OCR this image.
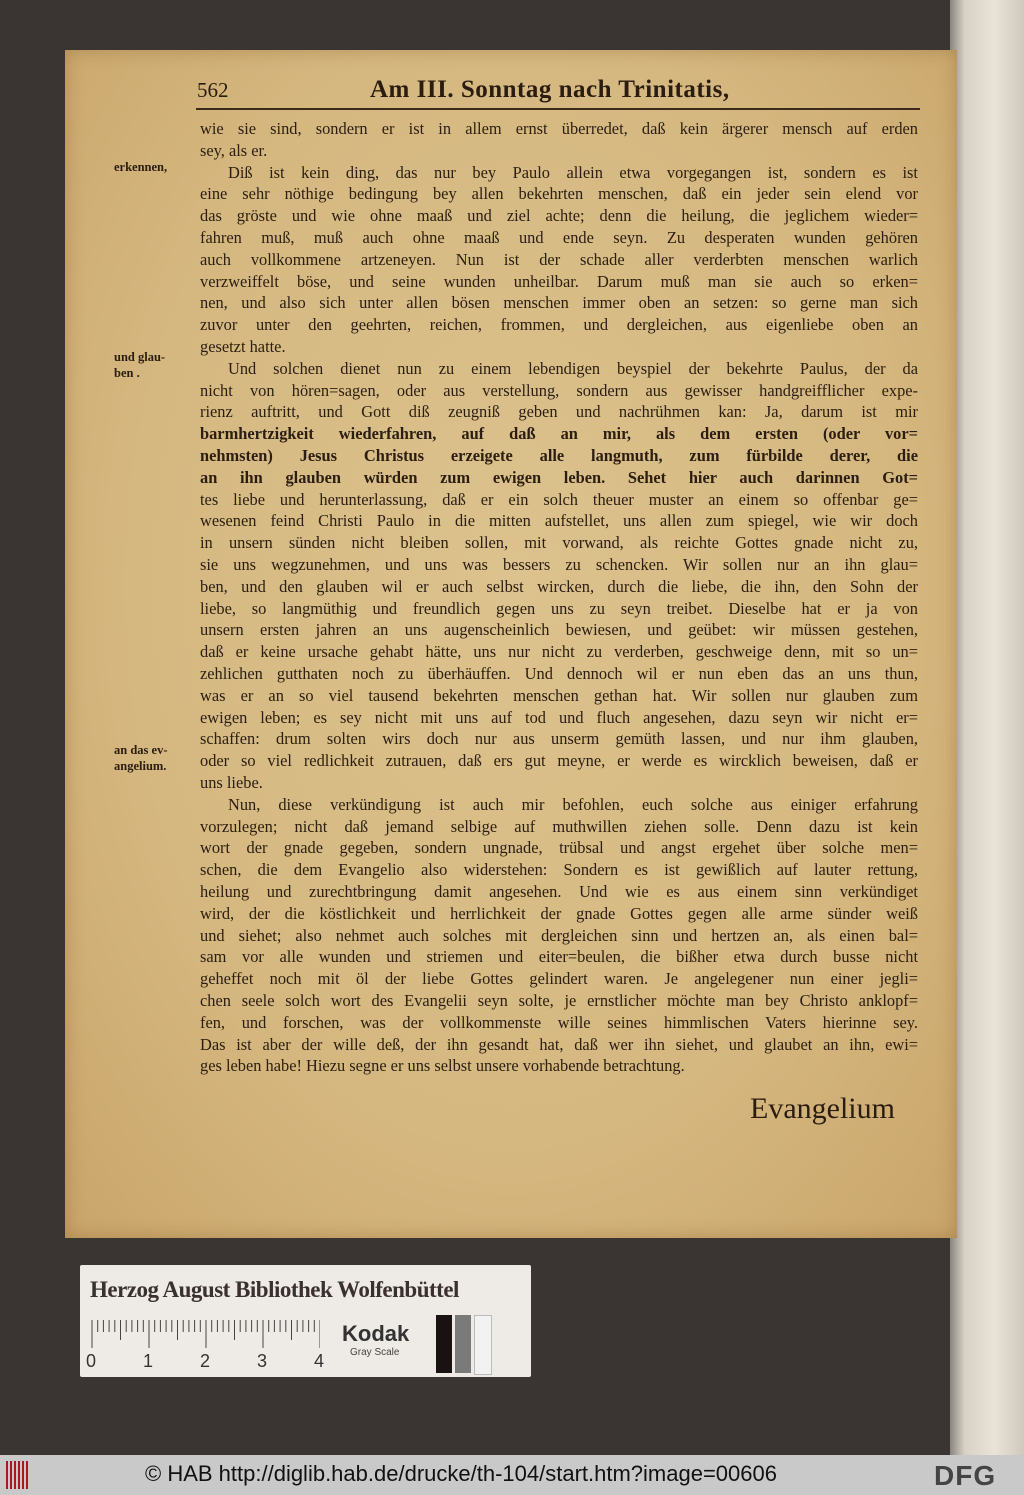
562	Am III. Sonntag nach Trinitatis,
wie sie sind, sondern er ist in allem ernst überredet, daß kein ärgerer mensch auf erden
sey, als er.
Diß ist kein ding, das nur bey Paulo allein etwa vorgegangen ist, sondern es ist
eine sehr nöthige bedingung bey allen bekehrten menschen, daß ein jeder sein elend vor
das gröste und wie ohne maaß und ziel achte; denn die heilung, die jeglichem wieder=
fahren muß, muß auch ohne maaß und ende seyn. Zu desperaten wunden gehören
auch vollkommene artzeneyen. Nun ist der schade aller verderbten menschen warlich
verzweiffelt böse, und seine wunden unheilbar. Darum muß man sie auch so erken=
nen, und also sich unter allen bösen menschen immer oben an setzen: so gerne man sich
zuvor unter den geehrten, reichen, frommen, und dergleichen, aus eigenliebe oben an
gesetzt hatte.
Und solchen dienet nun zu einem lebendigen beyspiel der bekehrte Paulus, der da
nicht von hören=sagen, oder aus verstellung, sondern aus gewisser handgreifflicher expe-
rienz auftritt, und Gott diß zeugniß geben und nachrühmen kan: Ja, darum ist mir
barmhertzigkeit wiederfahren, auf daß an mir, als dem ersten (oder vor=
nehmsten) Jesus Christus erzeigete alle langmuth, zum fürbilde derer, die
an ihn glauben würden zum ewigen leben. Sehet hier auch darinnen Got=
tes liebe und herunterlassung, daß er ein solch theuer muster an einem so offenbar ge=
wesenen feind Christi Paulo in die mitten aufstellet, uns allen zum spiegel, wie wir doch
in unsern sünden nicht bleiben sollen, mit vorwand, als reichte Gottes gnade nicht zu,
sie uns wegzunehmen, und uns was bessers zu schencken. Wir sollen nur an ihn glau=
ben, und den glauben wil er auch selbst wircken, durch die liebe, die ihn, den Sohn der
liebe, so langmüthig und freundlich gegen uns zu seyn treibet. Dieselbe hat er ja von
unsern ersten jahren an uns augenscheinlich bewiesen, und geübet: wir müssen gestehen,
daß er keine ursache gehabt hätte, uns nur nicht zu verderben, geschweige denn, mit so un=
zehlichen gutthaten noch zu überhäuffen. Und dennoch wil er nun eben das an uns thun,
was er an so viel tausend bekehrten menschen gethan hat. Wir sollen nur glauben zum
ewigen leben; es sey nicht mit uns auf tod und fluch angesehen, dazu seyn wir nicht er=
schaffen: drum solten wirs doch nur aus unserm gemüth lassen, und nur ihm glauben,
oder so viel redlichkeit zutrauen, daß ers gut meyne, er werde es wircklich beweisen, daß er
uns liebe.
Nun, diese verkündigung ist auch mir befohlen, euch solche aus einiger erfahrung
vorzulegen; nicht daß jemand selbige auf muthwillen ziehen solle. Denn dazu ist kein
wort der gnade gegeben, sondern ungnade, trübsal und angst ergehet über solche men=
schen, die dem Evangelio also widerstehen: Sondern es ist gewißlich auf lauter rettung,
heilung und zurechtbringung damit angesehen. Und wie es aus einem sinn verkündiget
wird, der die köstlichkeit und herrlichkeit der gnade Gottes gegen alle arme sünder weiß
und siehet; also nehmet auch solches mit dergleichen sinn und hertzen an, als einen bal=
sam vor alle wunden und striemen und eiter=beulen, die bißher etwa durch busse nicht
geheffet noch mit öl der liebe Gottes gelindert waren. Je angelegener nun einer jegli=
chen seele solch wort des Evangelii seyn solte, je ernstlicher möchte man bey Christo anklopf=
fen, und forschen, was der vollkommenste wille seines himmlischen Vaters hierinne sey.
Das ist aber der wille deß, der ihn gesandt hat, daß wer ihn siehet, und glaubet an ihn, ewi=
ges leben habe! Hiezu segne er uns selbst unsere vorhabende betrachtung.
erkennen,
und glau-
ben .
an das ev-
angelium.
Evangelium
Herzog August Bibliothek Wolfenbüttel
0	1	2	3	4
Kodak
Gray Scale
© HAB http://diglib.hab.de/drucke/th-104/start.htm?image=00606	DFG
